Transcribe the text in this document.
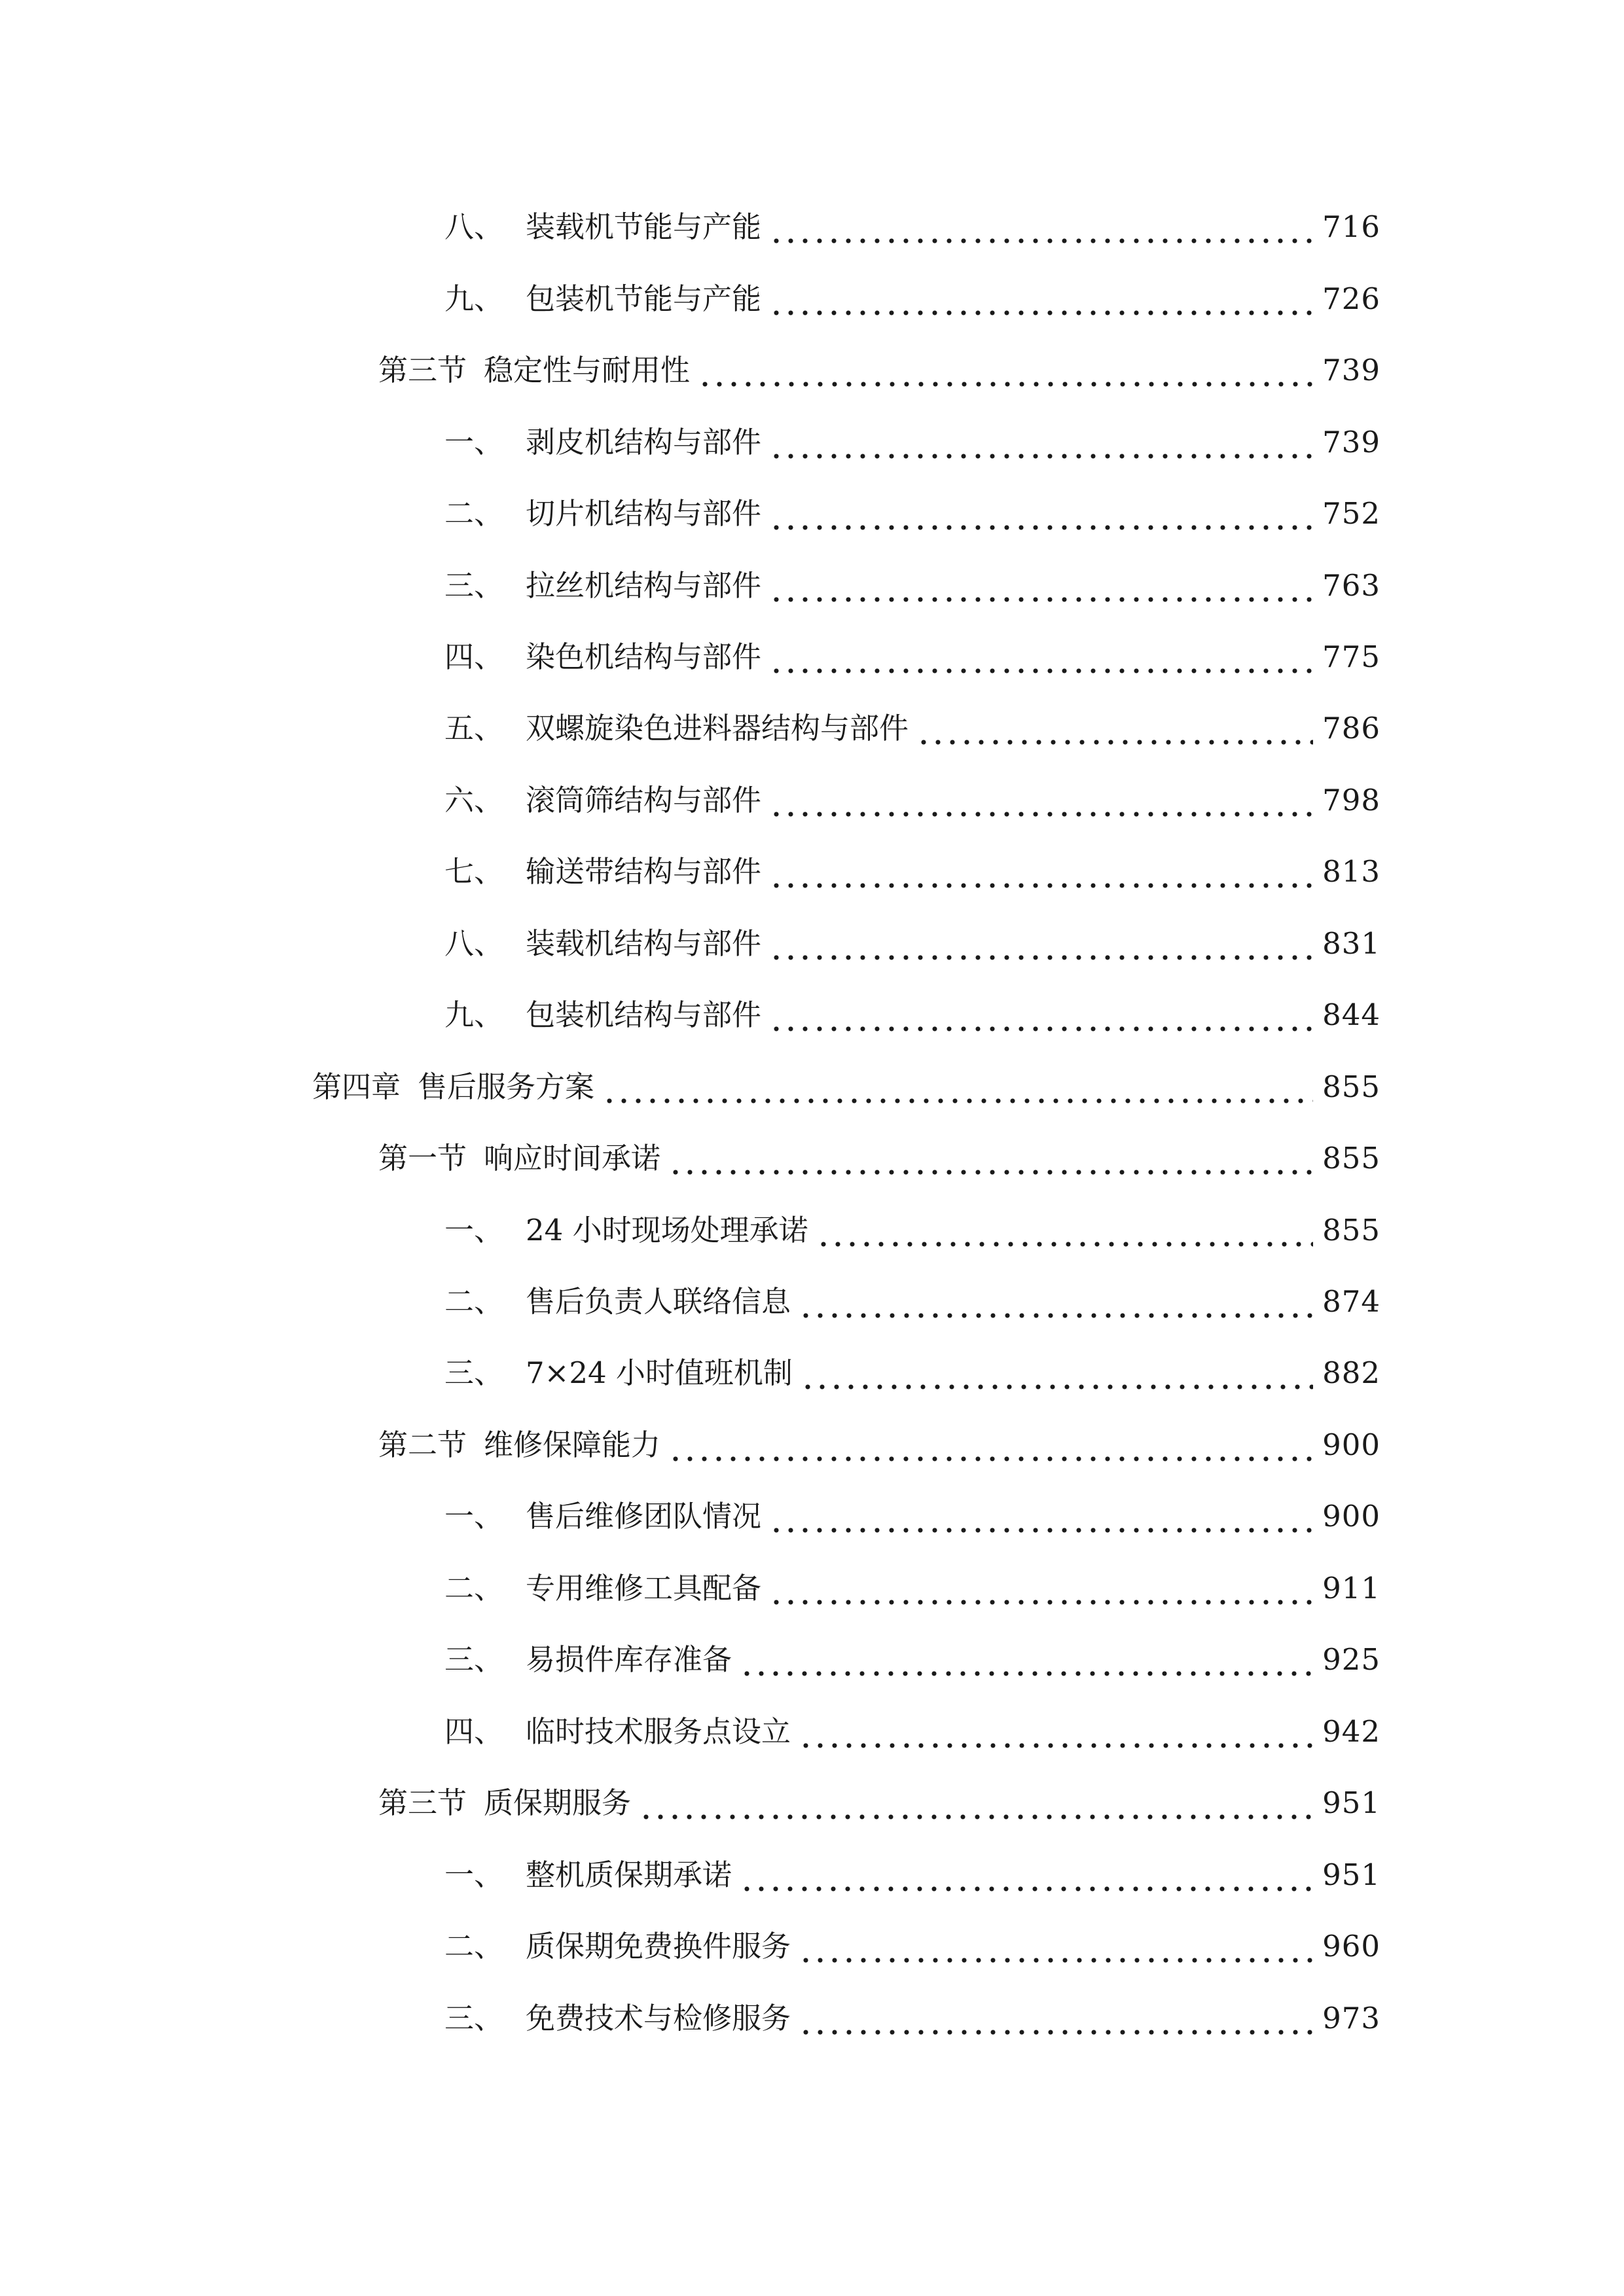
八、 装载机节能与产能	716
九、 包装机节能与产能	726
第三节 稳定性与耐用性	739
一、 剥皮机结构与部件	739
二、 切片机结构与部件	752
三、 拉丝机结构与部件	763
四、 染色机结构与部件	775
五、 双螺旋染色进料器结构与部件	786
六、 滚筒筛结构与部件	798
七、 输送带结构与部件	813
八、 装载机结构与部件	831
九、 包装机结构与部件	844
第四章 售后服务方案	855
第一节 响应时间承诺	855
一、 24 小时现场处理承诺	855
二、 售后负责人联络信息	874
三、 7×24 小时值班机制	882
第二节 维修保障能力	900
一、 售后维修团队情况	900
二、 专用维修工具配备	911
三、 易损件库存准备	925
四、 临时技术服务点设立	942
第三节 质保期服务	951
一、 整机质保期承诺	951
二、 质保期免费换件服务	960
三、 免费技术与检修服务	973
